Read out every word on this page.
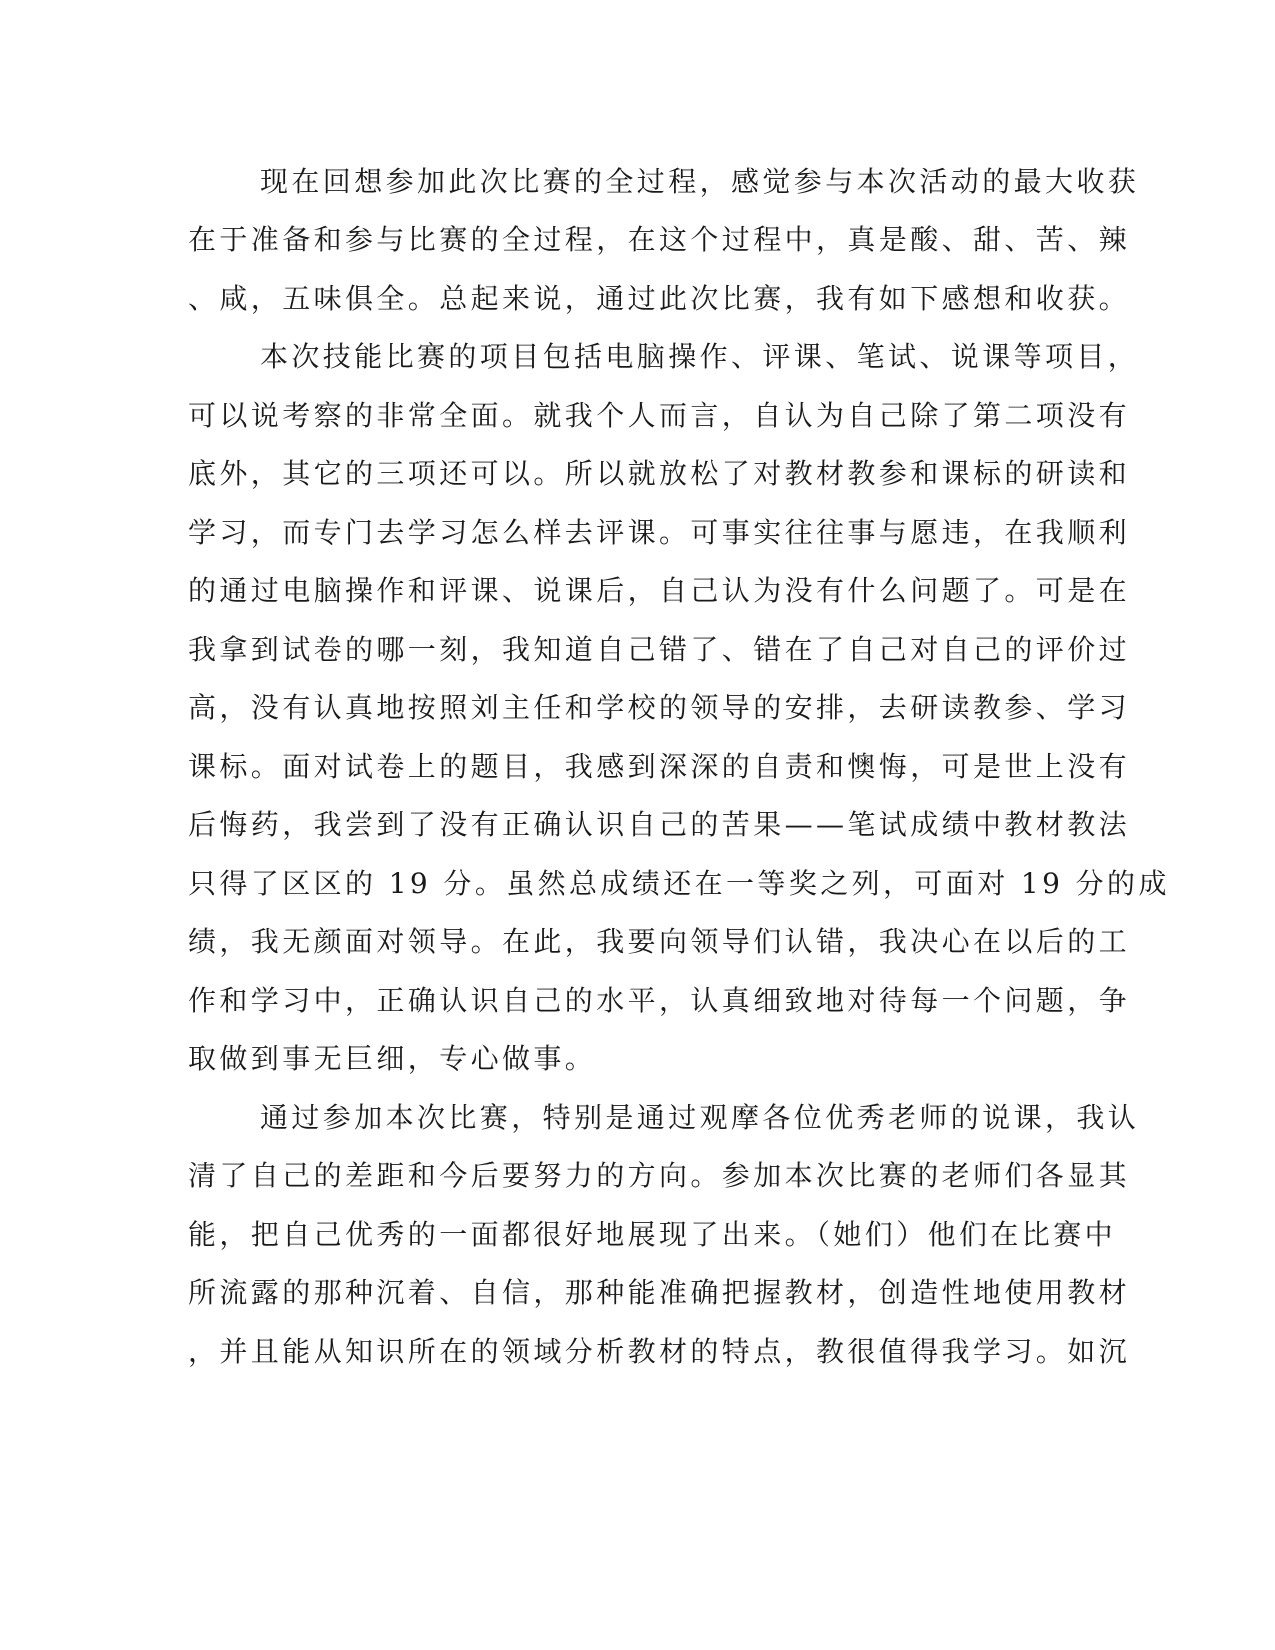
现在回想参加此次比赛的全过程，感觉参与本次活动的最大收获
在于准备和参与比赛的全过程，在这个过程中，真是酸、甜、苦、辣
、咸，五味俱全。总起来说，通过此次比赛，我有如下感想和收获。
本次技能比赛的项目包括电脑操作、评课、笔试、说课等项目，
可以说考察的非常全面。就我个人而言，自认为自己除了第二项没有
底外，其它的三项还可以。所以就放松了对教材教参和课标的研读和
学习，而专门去学习怎么样去评课。可事实往往事与愿违，在我顺利
的通过电脑操作和评课、说课后，自己认为没有什么问题了。可是在
我拿到试卷的哪一刻，我知道自己错了、错在了自己对自己的评价过
高，没有认真地按照刘主任和学校的领导的安排，去研读教参、学习
课标。面对试卷上的题目，我感到深深的自责和懊悔，可是世上没有
后悔药，我尝到了没有正确认识自己的苦果——笔试成绩中教材教法
只得了区区的 19 分。虽然总成绩还在一等奖之列，可面对 19 分的成
绩，我无颜面对领导。在此，我要向领导们认错，我决心在以后的工
作和学习中，正确认识自己的水平，认真细致地对待每一个问题，争
取做到事无巨细，专心做事。
通过参加本次比赛，特别是通过观摩各位优秀老师的说课，我认
清了自己的差距和今后要努力的方向。参加本次比赛的老师们各显其
能，把自己优秀的一面都很好地展现了出来。（她们）他们在比赛中
所流露的那种沉着、自信，那种能准确把握教材，创造性地使用教材
，并且能从知识所在的领域分析教材的特点，教很值得我学习。如沉
